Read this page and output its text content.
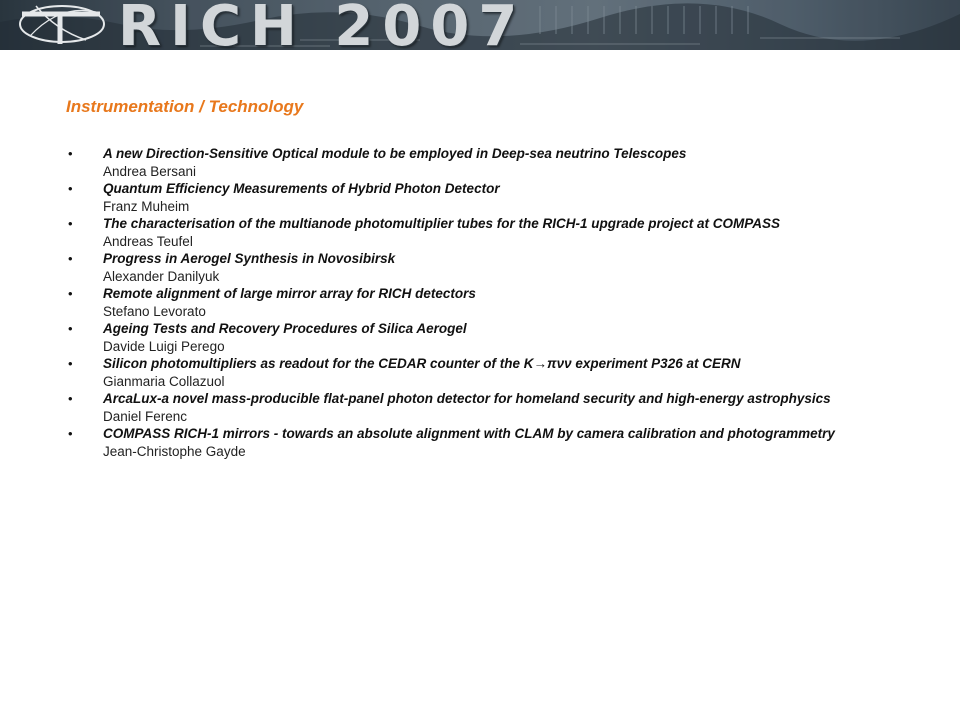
RICH 2007
Instrumentation / Technology
• A new Direction-Sensitive Optical module to be employed in Deep-sea neutrino Telescopes
Andrea Bersani
• Quantum Efficiency Measurements of Hybrid Photon Detector
Franz Muheim
• The characterisation of the multianode photomultiplier tubes for the RICH-1 upgrade project at COMPASS
Andreas Teufel
• Progress in Aerogel Synthesis in Novosibirsk
Alexander Danilyuk
• Remote alignment of large mirror array for RICH detectors
Stefano Levorato
• Ageing Tests and Recovery Procedures of Silica Aerogel
Davide Luigi Perego
• Silicon photomultipliers as readout for the CEDAR counter of the K→πνν experiment P326 at CERN
Gianmaria Collazuol
• ArcaLux-a novel mass-producible flat-panel photon detector for homeland security and high-energy astrophysics
Daniel Ferenc
• COMPASS RICH-1 mirrors - towards an absolute alignment with CLAM by camera calibration and photogrammetry
Jean-Christophe Gayde
